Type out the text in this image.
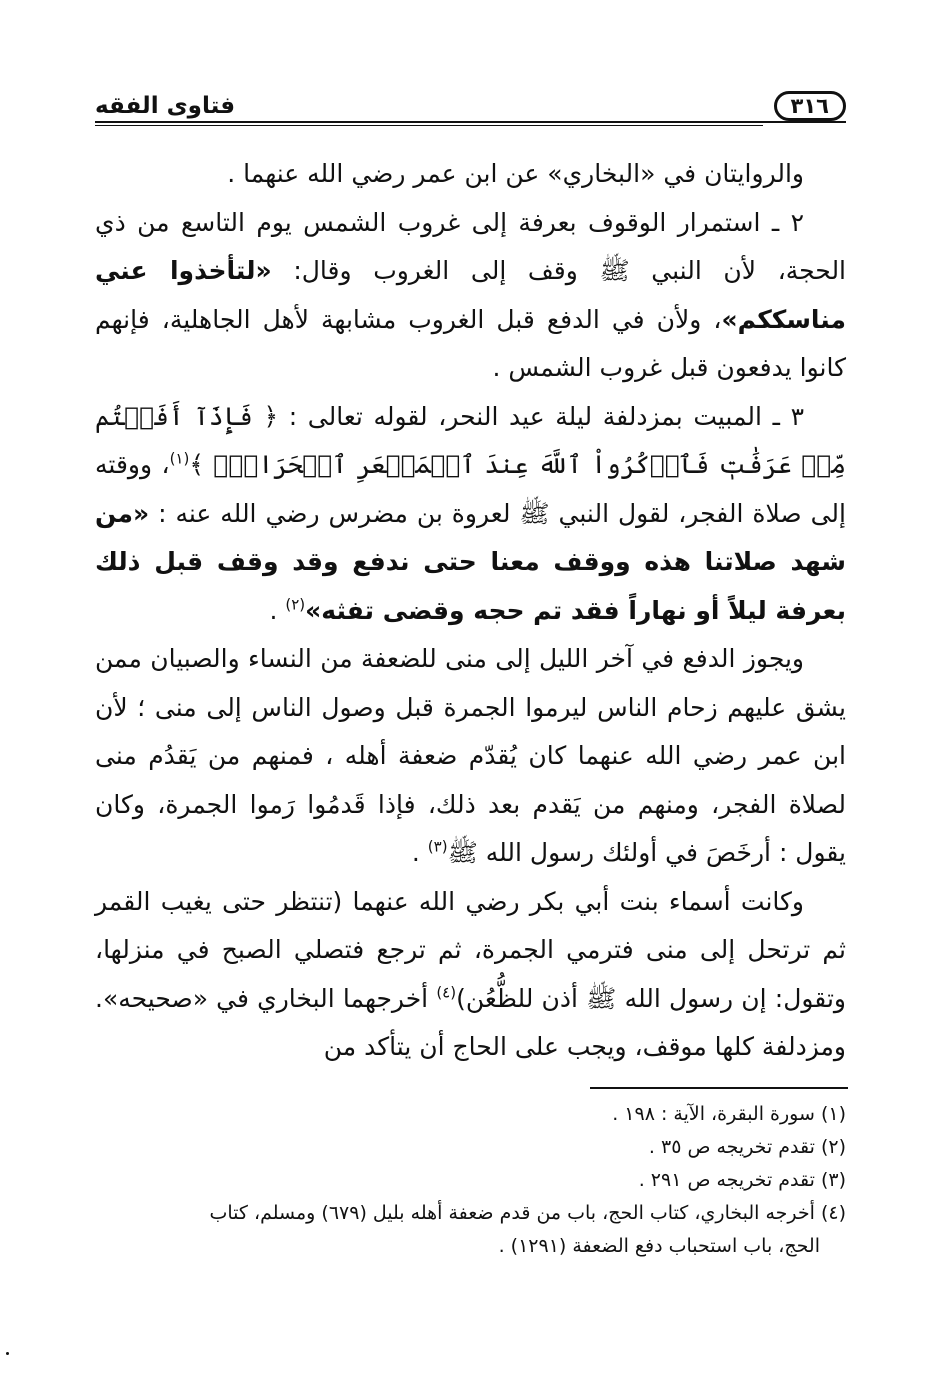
٣١٦
فتاوى الفقه

والروايتان في «البخاري» عن ابن عمر رضي الله عنهما .

٢ ـ استمرار الوقوف بعرفة إلى غروب الشمس يوم التاسع من ذي الحجة، لأن النبي ﷺ وقف إلى الغروب وقال: «لتأخذوا عني مناسككم»، ولأن في الدفع قبل الغروب مشابهة لأهل الجاهلية، فإنهم كانوا يدفعون قبل غروب الشمس .

٣ ـ المبيت بمزدلفة ليلة عيد النحر، لقوله تعالى : ﴿ فَإِذَآ أَفَضۡتُم مِّنۡ عَرَفَٰتٖ فَٱذۡكُرُواْ ٱللَّهَ عِندَ ٱلۡمَشۡعَرِ ٱلۡحَرَامِۖ ﴾$^{(١)}$، ووقته إلى صلاة الفجر، لقول النبي ﷺ لعروة بن مضرس رضي الله عنه : «من شهد صلاتنا هذه ووقف معنا حتى ندفع وقد وقف قبل ذلك بعرفة ليلاً أو نهاراً فقد تم حجه وقضى تفثه»$^{(٢)}$ .

ويجوز الدفع في آخر الليل إلى منى للضعفة من النساء والصبيان ممن يشق عليهم زحام الناس ليرموا الجمرة قبل وصول الناس إلى منى ؛ لأن ابن عمر رضي الله عنهما كان يُقدّم ضعفة أهله ، فمنهم من يَقدُم منى لصلاة الفجر، ومنهم من يَقدم بعد ذلك، فإذا قَدمُوا رَموا الجمرة، وكان يقول : أرخَصَ في أولئك رسول الله ﷺ$^{(٣)}$ .

وكانت أسماء بنت أبي بكر رضي الله عنهما (تنتظر حتى يغيب القمر ثم ترتحل إلى منى فترمي الجمرة، ثم ترجع فتصلي الصبح في منزلها، وتقول: إن رسول الله ﷺ أذن للظُّعُن)$^{(٤)}$ أخرجهما البخاري في «صحيحه». ومزدلفة كلها موقف، ويجب على الحاج أن يتأكد من

(١) سورة البقرة، الآية : ١٩٨ .

(٢) تقدم تخريجه ص ٣٥ .

(٣) تقدم تخريجه ص ٢٩١ .

(٤) أخرجه البخاري، كتاب الحج، باب من قدم ضعفة أهله بليل (٦٧٩) ومسلم، كتاب

الحج، باب استحباب دفع الضعفة (١٢٩١) .
